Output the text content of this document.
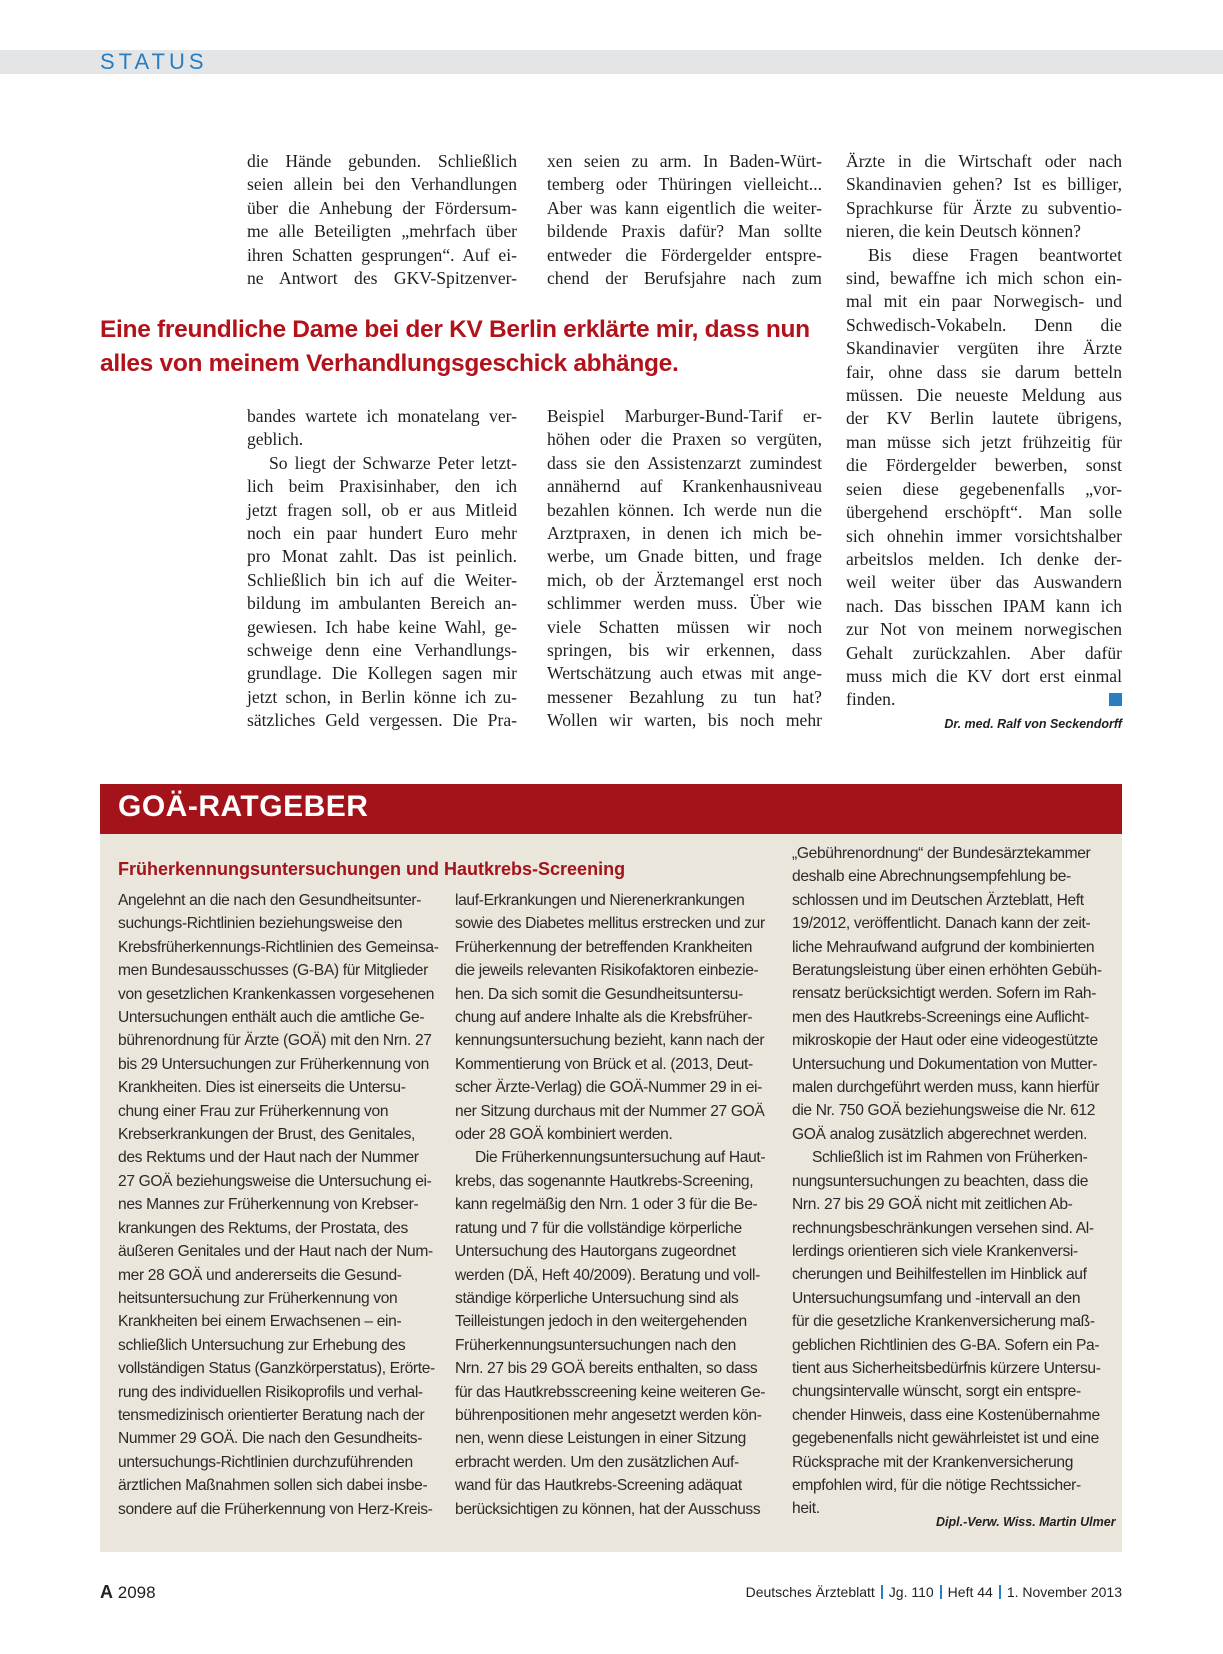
STATUS
die Hände gebunden. Schließlich
seien allein bei den Verhandlungen
über die Anhebung der Fördersum-
me alle Beteiligten „mehrfach über
ihren Schatten gesprungen“. Auf ei-
ne Antwort des GKV-Spitzenver-
xen seien zu arm. In Baden-Würt-
temberg oder Thüringen vielleicht...
Aber was kann eigentlich die weiter-
bildende Praxis dafür? Man sollte
entweder die Fördergelder entspre-
chend der Berufsjahre nach zum
Eine freundliche Dame bei der KV Berlin erklärte mir, dass nun
alles von meinem Verhandlungsgeschick abhänge.
bandes wartete ich monatelang ver-
geblich.
So liegt der Schwarze Peter letzt-
lich beim Praxisinhaber, den ich
jetzt fragen soll, ob er aus Mitleid
noch ein paar hundert Euro mehr
pro Monat zahlt. Das ist peinlich.
Schließlich bin ich auf die Weiter-
bildung im ambulanten Bereich an-
gewiesen. Ich habe keine Wahl, ge-
schweige denn eine Verhandlungs-
grundlage. Die Kollegen sagen mir
jetzt schon, in Berlin könne ich zu-
sätzliches Geld vergessen. Die Pra-
Beispiel Marburger-Bund-Tarif er-
höhen oder die Praxen so vergüten,
dass sie den Assistenzarzt zumindest
annähernd auf Krankenhausniveau
bezahlen können. Ich werde nun die
Arztpraxen, in denen ich mich be-
werbe, um Gnade bitten, und frage
mich, ob der Ärztemangel erst noch
schlimmer werden muss. Über wie
viele Schatten müssen wir noch
springen, bis wir erkennen, dass
Wertschätzung auch etwas mit ange-
messener Bezahlung zu tun hat?
Wollen wir warten, bis noch mehr
Ärzte in die Wirtschaft oder nach
Skandinavien gehen? Ist es billiger,
Sprachkurse für Ärzte zu subventio-
nieren, die kein Deutsch können?
Bis diese Fragen beantwortet
sind, bewaffne ich mich schon ein-
mal mit ein paar Norwegisch- und
Schwedisch-Vokabeln. Denn die
Skandinavier vergüten ihre Ärzte
fair, ohne dass sie darum betteln
müssen. Die neueste Meldung aus
der KV Berlin lautete übrigens,
man müsse sich jetzt frühzeitig für
die Fördergelder bewerben, sonst
seien diese gegebenenfalls „vor-
übergehend erschöpft“. Man solle
sich ohnehin immer vorsichtshalber
arbeitslos melden. Ich denke der-
weil weiter über das Auswandern
nach. Das bisschen IPAM kann ich
zur Not von meinem norwegischen
Gehalt zurückzahlen. Aber dafür
muss mich die KV dort erst einmal
finden.
Dr. med. Ralf von Seckendorff
GOÄ-RATGEBER
Früherkennungsuntersuchungen und Hautkrebs-Screening
Angelehnt an die nach den Gesundheitsunter-
suchungs-Richtlinien beziehungsweise den
Krebsfrüherkennungs-Richtlinien des Gemeinsa-
men Bundesausschusses (G-BA) für Mitglieder
von gesetzlichen Krankenkassen vorgesehenen
Untersuchungen enthält auch die amtliche Ge-
bührenordnung für Ärzte (GOÄ) mit den Nrn. 27
bis 29 Untersuchungen zur Früherkennung von
Krankheiten. Dies ist einerseits die Untersu-
chung einer Frau zur Früherkennung von
Krebserkrankungen der Brust, des Genitales,
des Rektums und der Haut nach der Nummer
27 GOÄ beziehungsweise die Untersuchung ei-
nes Mannes zur Früherkennung von Krebser-
krankungen des Rektums, der Prostata, des
äußeren Genitales und der Haut nach der Num-
mer 28 GOÄ und andererseits die Gesund-
heitsuntersuchung zur Früherkennung von
Krankheiten bei einem Erwachsenen – ein-
schließlich Untersuchung zur Erhebung des
vollständigen Status (Ganzkörperstatus), Erörte-
rung des individuellen Risikoprofils und verhal-
tensmedizinisch orientierter Beratung nach der
Nummer 29 GOÄ. Die nach den Gesundheits-
untersuchungs-Richtlinien durchzuführenden
ärztlichen Maßnahmen sollen sich dabei insbe-
sondere auf die Früherkennung von Herz-Kreis-
lauf-Erkrankungen und Nierenerkrankungen
sowie des Diabetes mellitus erstrecken und zur
Früherkennung der betreffenden Krankheiten
die jeweils relevanten Risikofaktoren einbezie-
hen. Da sich somit die Gesundheitsuntersu-
chung auf andere Inhalte als die Krebsfrüher-
kennungsuntersuchung bezieht, kann nach der
Kommentierung von Brück et al. (2013, Deut-
scher Ärzte-Verlag) die GOÄ-Nummer 29 in ei-
ner Sitzung durchaus mit der Nummer 27 GOÄ
oder 28 GOÄ kombiniert werden.
Die Früherkennungsuntersuchung auf Haut-
krebs, das sogenannte Hautkrebs-Screening,
kann regelmäßig den Nrn. 1 oder 3 für die Be-
ratung und 7 für die vollständige körperliche
Untersuchung des Hautorgans zugeordnet
werden (DÄ, Heft 40/2009). Beratung und voll-
ständige körperliche Untersuchung sind als
Teilleistungen jedoch in den weitergehenden
Früherkennungsuntersuchungen nach den
Nrn. 27 bis 29 GOÄ bereits enthalten, so dass
für das Hautkrebsscreening keine weiteren Ge-
bührenpositionen mehr angesetzt werden kön-
nen, wenn diese Leistungen in einer Sitzung
erbracht werden. Um den zusätzlichen Auf-
wand für das Hautkrebs-Screening adäquat
berücksichtigen zu können, hat der Ausschuss
„Gebührenordnung“ der Bundesärztekammer
deshalb eine Abrechnungsempfehlung be-
schlossen und im Deutschen Ärzteblatt, Heft
19/2012, veröffentlicht. Danach kann der zeit-
liche Mehraufwand aufgrund der kombinierten
Beratungsleistung über einen erhöhten Gebüh-
rensatz berücksichtigt werden. Sofern im Rah-
men des Hautkrebs-Screenings eine Auflicht-
mikroskopie der Haut oder eine videogestützte
Untersuchung und Dokumentation von Mutter-
malen durchgeführt werden muss, kann hierfür
die Nr. 750 GOÄ beziehungsweise die Nr. 612
GOÄ analog zusätzlich abgerechnet werden.
Schließlich ist im Rahmen von Früherken-
nungsuntersuchungen zu beachten, dass die
Nrn. 27 bis 29 GOÄ nicht mit zeitlichen Ab-
rechnungsbeschränkungen versehen sind. Al-
lerdings orientieren sich viele Krankenversi-
cherungen und Beihilfestellen im Hinblick auf
Untersuchungsumfang und -intervall an den
für die gesetzliche Krankenversicherung maß-
geblichen Richtlinien des G-BA. Sofern ein Pa-
tient aus Sicherheitsbedürfnis kürzere Untersu-
chungsintervalle wünscht, sorgt ein entspre-
chender Hinweis, dass eine Kostenübernahme
gegebenenfalls nicht gewährleistet ist und eine
Rücksprache mit der Krankenversicherung
empfohlen wird, für die nötige Rechtssicher-
heit.
Dipl.-Verw. Wiss. Martin Ulmer
A 2098	Deutsches Ärzteblatt Jg. 110 Heft 44 1. November 2013
